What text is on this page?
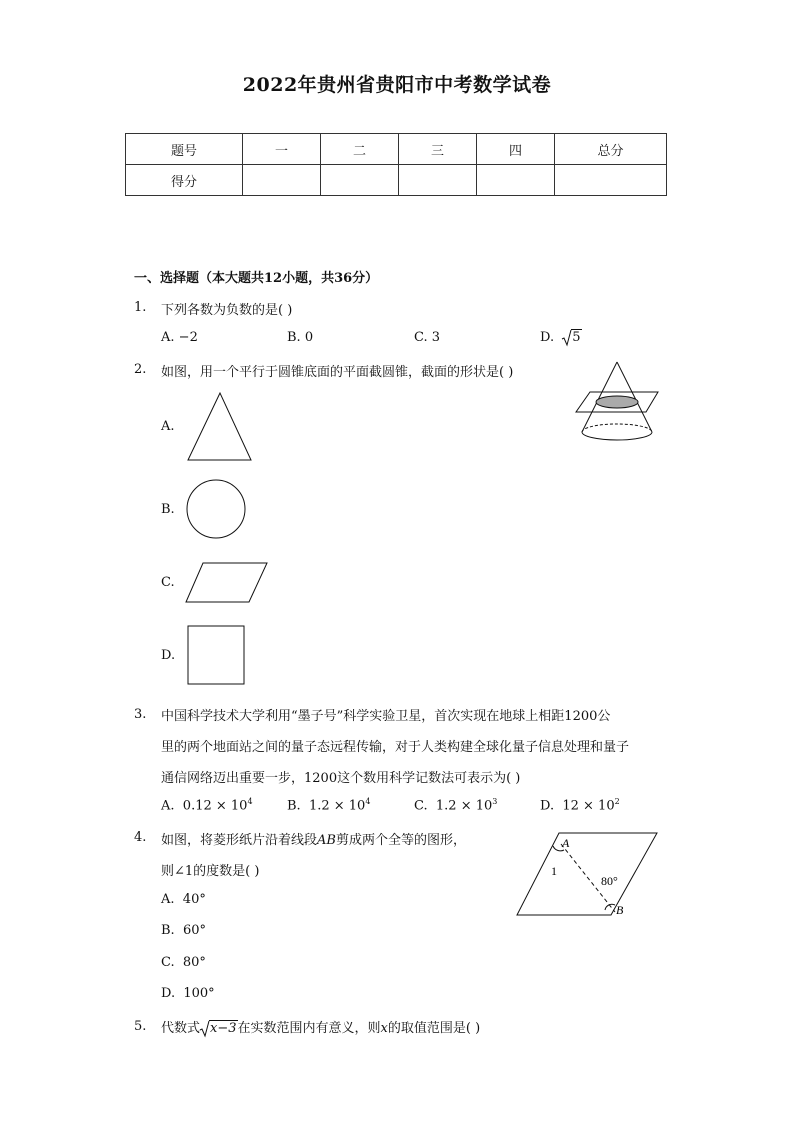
2022年贵州省贵阳市中考数学试卷
题号	一	二	三	四	总分
得分					
一、选择题（本大题共12小题，共36分）
1. 下列各数为负数的是( )
A. −2	B. 0	C. 3	D. 5
2. 如图，用一个平行于圆锥底面的平面截圆锥，截面的形状是( )
A.
B.
C.
D.
3. 中国科学技术大学利用“墨子号”科学实验卫星，首次实现在地球上相距1200公
里的两个地面站之间的量子态远程传输，对于人类构建全球化量子信息处理和量子
通信网络迈出重要一步，1200这个数用科学记数法可表示为( )
A. $0.12 \times 10^4$	B. $1.2 \times 10^4$	C. $1.2 \times 10^3$	D. $12 \times 10^2$
4. 如图，将菱形纸片沿着线段AB剪成两个全等的图形，
则∠1的度数是( )
A. 40°
B. 60°
C. 80°
D. 100°
A
1
80°
B
5. 代数式 x−3在实数范围内有意义，则x的取值范围是( )
